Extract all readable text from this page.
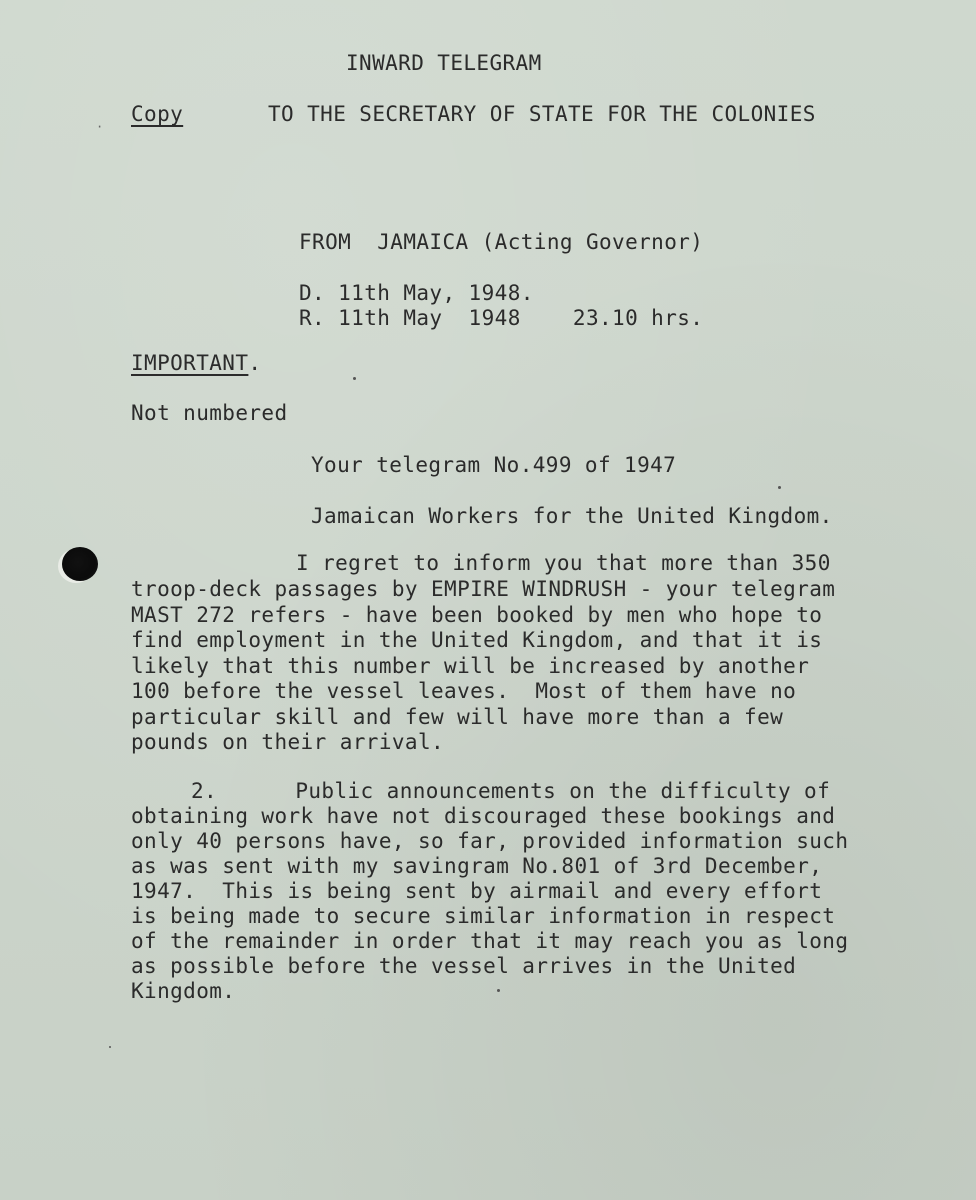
INWARD TELEGRAM
Copy	TO THE SECRETARY OF STATE FOR THE COLONIES
·
FROM  JAMAICA (Acting Governor)
D. 11th May, 1948.
R. 11th May  1948    23.10 hrs.
IMPORTANT.
Not numbered
Your telegram No.499 of 1947
Jamaican Workers for the United Kingdom.
I regret to inform you that more than 350
troop-deck passages by EMPIRE WINDRUSH - your telegram
MAST 272 refers - have been booked by men who hope to
find employment in the United Kingdom, and that it is
likely that this number will be increased by another
100 before the vessel leaves.  Most of them have no
particular skill and few will have more than a few
pounds on their arrival.
2.      Public announcements on the difficulty of
obtaining work have not discouraged these bookings and
only 40 persons have, so far, provided information such
as was sent with my savingram No.801 of 3rd December,
1947.  This is being sent by airmail and every effort
is being made to secure similar information in respect
of the remainder in order that it may reach you as long
as possible before the vessel arrives in the United
Kingdom.
